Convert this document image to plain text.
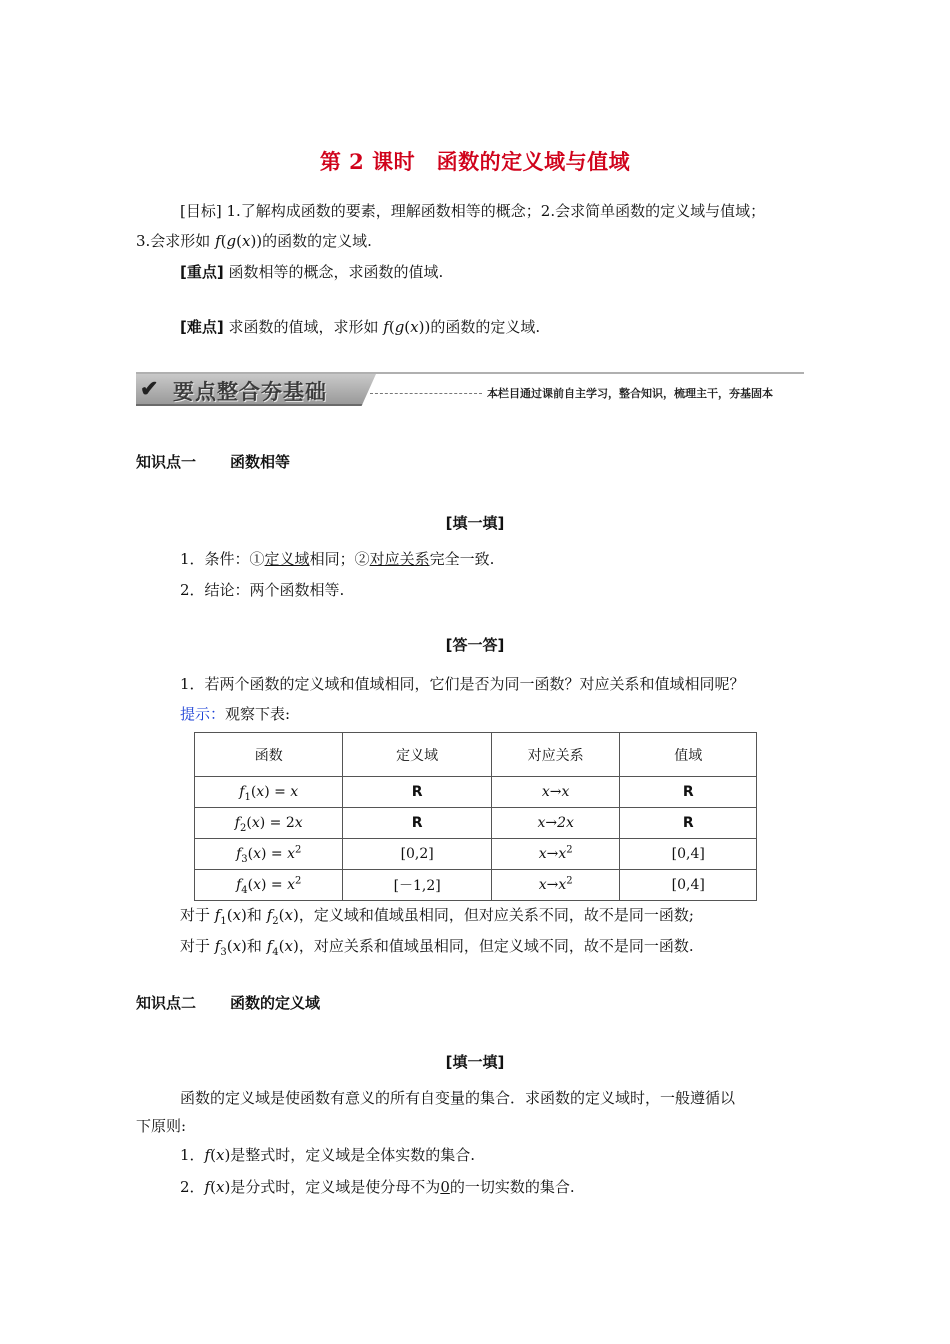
第 2 课时　函数的定义域与值域
[目标] 1.了解构成函数的要素，理解函数相等的概念；2.会求简单函数的定义域与值域；
3.会求形如 f(g(x))的函数的定义域.
[重点] 函数相等的概念，求函数的值域.
[难点] 求函数的值域，求形如 f(g(x))的函数的定义域.
✔ 要点整合夯基础	本栏目通过课前自主学习，整合知识，梳理主干，夯基固本
知识点一 函数相等
[填一填]
1．条件：①定义域相同；②对应关系完全一致.
2．结论：两个函数相等.
[答一答]
1．若两个函数的定义域和值域相同，它们是否为同一函数？对应关系和值域相同呢？
提示：观察下表:
函数	定义域	对应关系	值域
$f_1(x) = x$	R	x→x	R
$f_2(x) = 2x$	R	x→2x	R
$f_3(x) = x^2$	[0,2]	$x\to x^2$	[0,4]
$f_4(x) = x^2$	[－1,2]	$x\to x^2$	[0,4]
对于 $f_1(x)$和 $f_2(x)$，定义域和值域虽相同，但对应关系不同，故不是同一函数;
对于 $f_3(x)$和 $f_4(x)$，对应关系和值域虽相同，但定义域不同，故不是同一函数.
知识点二 函数的定义域
[填一填]
函数的定义域是使函数有意义的所有自变量的集合．求函数的定义域时，一般遵循以
下原则:
1．f(x)是整式时，定义域是全体实数的集合.
2．f(x)是分式时，定义域是使分母不为0的一切实数的集合.
